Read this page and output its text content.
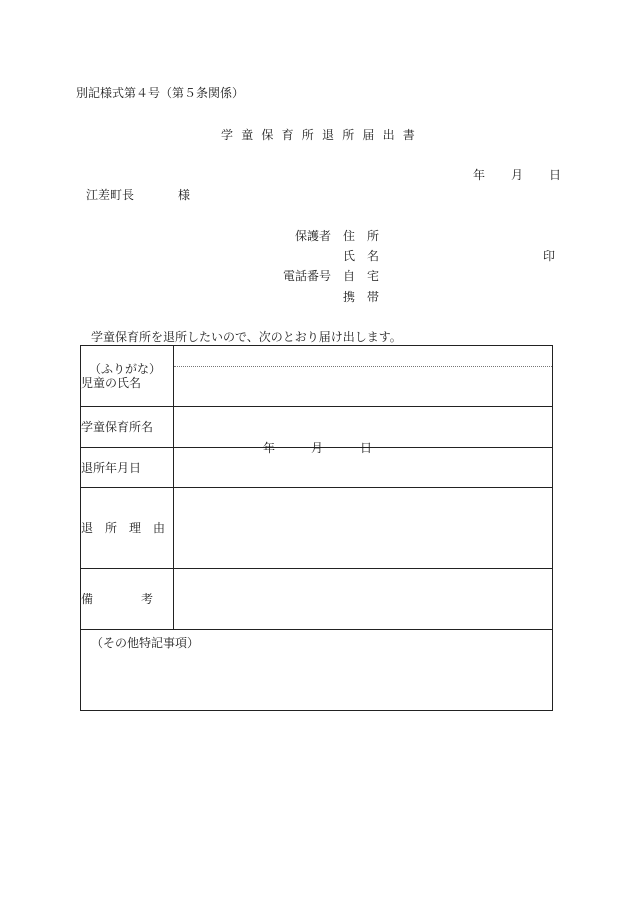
別記様式第４号（第５条関係）
学童保育所退所届出書
年 月 日
江差町長	様
保護者 住　所
氏　名	印
電話番号 自　宅
携　帯
学童保育所を退所したいので、次のとおり届け出します。
（ふりがな）
児童の氏名	

学童保育所名	
退所年月日	年 月 日

退　所　理　由	
備　　　　考	
（その他特記事項）	
